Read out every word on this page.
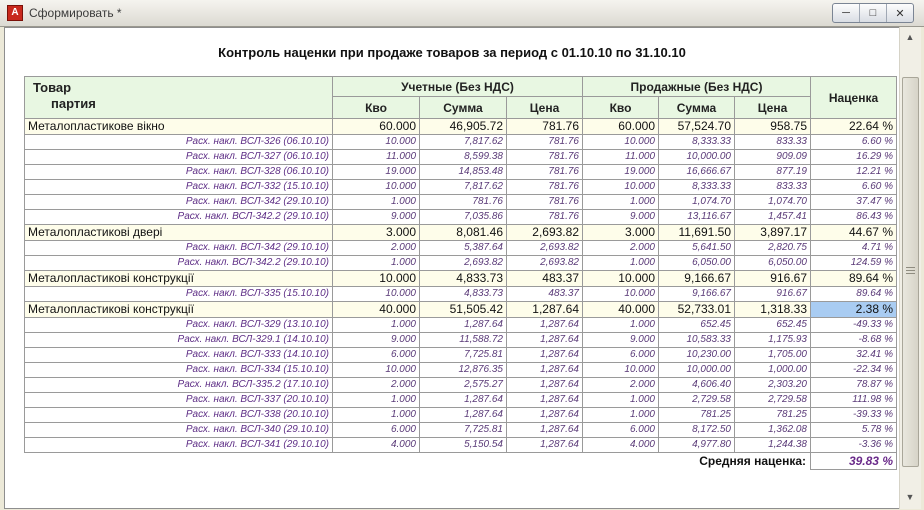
А Сформировать *	─ □ ✕
Контроль наценки при продаже товаров за период с 01.10.10 по 31.10.10
Товар
партия	Учетные (Без НДС)			Продажные (Без НДС)			Наценка
	Кво	Сумма	Цена	Кво	Сумма	Цена	
Металопластикове вікно	60.000	46,905.72	781.76	60.000	57,524.70	958.75	22.64 %
Расх. накл. ВСЛ-326 (06.10.10)	10.000	7,817.62	781.76	10.000	8,333.33	833.33	6.60 %
Расх. накл. ВСЛ-327 (06.10.10)	11.000	8,599.38	781.76	11.000	10,000.00	909.09	16.29 %
Расх. накл. ВСЛ-328 (06.10.10)	19.000	14,853.48	781.76	19.000	16,666.67	877.19	12.21 %
Расх. накл. ВСЛ-332 (15.10.10)	10.000	7,817.62	781.76	10.000	8,333.33	833.33	6.60 %
Расх. накл. ВСЛ-342 (29.10.10)	1.000	781.76	781.76	1.000	1,074.70	1,074.70	37.47 %
Расх. накл. ВСЛ-342.2 (29.10.10)	9.000	7,035.86	781.76	9.000	13,116.67	1,457.41	86.43 %
Металопластикові двері	3.000	8,081.46	2,693.82	3.000	11,691.50	3,897.17	44.67 %
Расх. накл. ВСЛ-342 (29.10.10)	2.000	5,387.64	2,693.82	2.000	5,641.50	2,820.75	4.71 %
Расх. накл. ВСЛ-342.2 (29.10.10)	1.000	2,693.82	2,693.82	1.000	6,050.00	6,050.00	124.59 %
Металопластикові конструкції	10.000	4,833.73	483.37	10.000	9,166.67	916.67	89.64 %
Расх. накл. ВСЛ-335 (15.10.10)	10.000	4,833.73	483.37	10.000	9,166.67	916.67	89.64 %
Металопластикові конструкції	40.000	51,505.42	1,287.64	40.000	52,733.01	1,318.33	2.38 %
Расх. накл. ВСЛ-329 (13.10.10)	1.000	1,287.64	1,287.64	1.000	652.45	652.45	-49.33 %
Расх. накл. ВСЛ-329.1 (14.10.10)	9.000	11,588.72	1,287.64	9.000	10,583.33	1,175.93	-8.68 %
Расх. накл. ВСЛ-333 (14.10.10)	6.000	7,725.81	1,287.64	6.000	10,230.00	1,705.00	32.41 %
Расх. накл. ВСЛ-334 (15.10.10)	10.000	12,876.35	1,287.64	10.000	10,000.00	1,000.00	-22.34 %
Расх. накл. ВСЛ-335.2 (17.10.10)	2.000	2,575.27	1,287.64	2.000	4,606.40	2,303.20	78.87 %
Расх. накл. ВСЛ-337 (20.10.10)	1.000	1,287.64	1,287.64	1.000	2,729.58	2,729.58	111.98 %
Расх. накл. ВСЛ-338 (20.10.10)	1.000	1,287.64	1,287.64	1.000	781.25	781.25	-39.33 %
Расх. накл. ВСЛ-340 (29.10.10)	6.000	7,725.81	1,287.64	6.000	8,172.50	1,362.08	5.78 %
Расх. накл. ВСЛ-341 (29.10.10)	4.000	5,150.54	1,287.64	4.000	4,977.80	1,244.38	-3.36 %
Средняя наценка:							39.83 %
▲
▼
